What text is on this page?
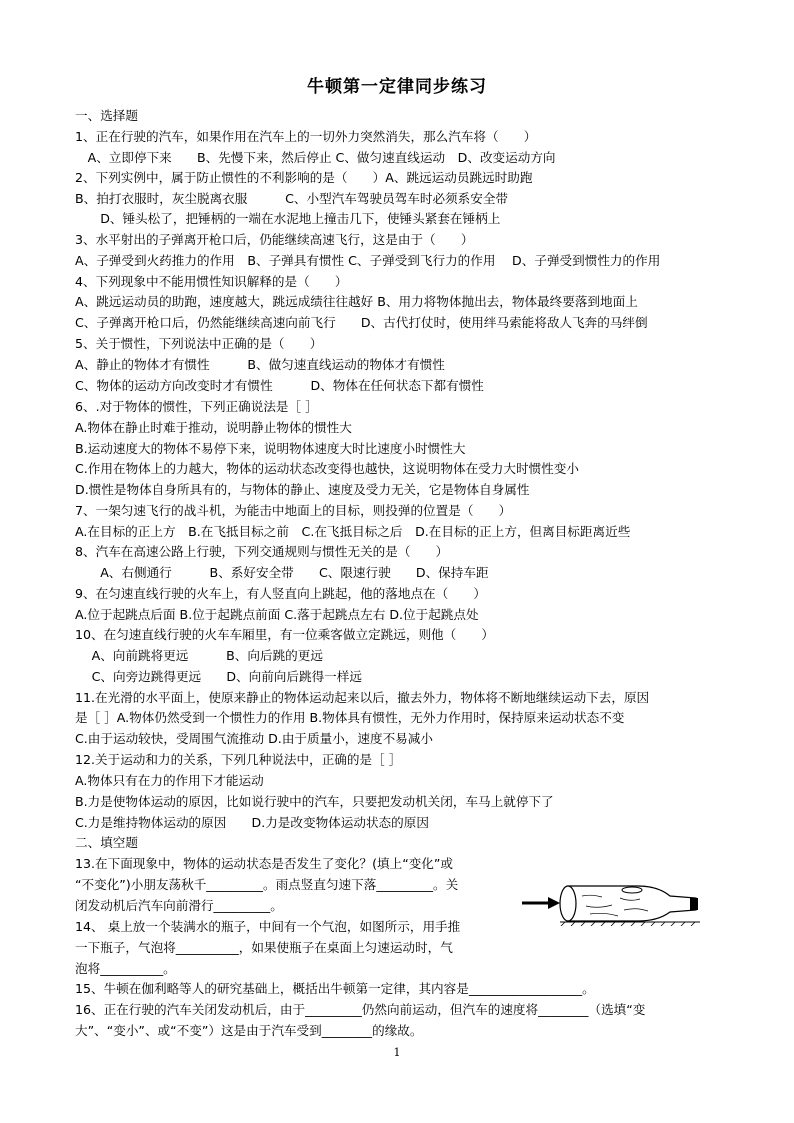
牛顿第一定律同步练习
一、选择题
1、正在行驶的汽车，如果作用在汽车上的一切外力突然消失，那么汽车将（　　）
　A、立即停下来　　B、先慢下来，然后停止 C、做匀速直线运动　D、改变运动方向
2、下列实例中，属于防止惯性的不利影响的是（　　）A、跳远运动员跳远时助跑
B、拍打衣服时，灰尘脱离衣服　　　C、小型汽车驾驶员驾车时必须系安全带
　　D、锤头松了，把锤柄的一端在水泥地上撞击几下，使锤头紧套在锤柄上
3、水平射出的子弹离开枪口后，仍能继续高速飞行，这是由于（　　）
A、子弹受到火药推力的作用　B、子弹具有惯性 C、子弹受到飞行力的作用　 D、子弹受到惯性力的作用
4、下列现象中不能用惯性知识解释的是（　　）
A、跳远运动员的助跑，速度越大，跳远成绩往往越好 B、用力将物体抛出去，物体最终要落到地面上
C、子弹离开枪口后，仍然能继续高速向前飞行　　D、古代打仗时，使用绊马索能将敌人飞奔的马绊倒
5、关于惯性，下列说法中正确的是（　　）
A、静止的物体才有惯性　　　B、做匀速直线运动的物体才有惯性
C、物体的运动方向改变时才有惯性　　　D、物体在任何状态下都有惯性
6、.对于物体的惯性，下列正确说法是［ ］
A.物体在静止时难于推动，说明静止物体的惯性大
B.运动速度大的物体不易停下来，说明物体速度大时比速度小时惯性大
C.作用在物体上的力越大，物体的运动状态改变得也越快，这说明物体在受力大时惯性变小
D.惯性是物体自身所具有的，与物体的静止、速度及受力无关，它是物体自身属性
7、一架匀速飞行的战斗机，为能击中地面上的目标，则投弹的位置是（　　）
A.在目标的正上方　B.在飞抵目标之前　C.在飞抵目标之后　D.在目标的正上方，但离目标距离近些
8、汽车在高速公路上行驶，下列交通规则与惯性无关的是（　　）
　　A、右侧通行　　　B、系好安全带　　C、限速行驶　　D、保持车距
9、在匀速直线行驶的火车上，有人竖直向上跳起，他的落地点在（　　）
A.位于起跳点后面 B.位于起跳点前面 C.落于起跳点左右 D.位于起跳点处
10、在匀速直线行驶的火车车厢里，有一位乘客做立定跳远，则他（　　）
　 A、向前跳将更远　　　B、向后跳的更远
　 C、向旁边跳得更远　　D、向前向后跳得一样远
11.在光滑的水平面上，使原来静止的物体运动起来以后，撤去外力，物体将不断地继续运动下去，原因
是［ ］A.物体仍然受到一个惯性力的作用 B.物体具有惯性，无外力作用时，保持原来运动状态不变
C.由于运动较快，受周围气流推动 D.由于质量小，速度不易减小
12.关于运动和力的关系，下列几种说法中，正确的是［ ］
A.物体只有在力的作用下才能运动
B.力是使物体运动的原因，比如说行驶中的汽车，只要把发动机关闭，车马上就停下了
C.力是维持物体运动的原因　　D.力是改变物体运动状态的原因
二、填空题
13.在下面现象中，物体的运动状态是否发生了变化？(填上“变化”或
“不变化”)小朋友荡秋千_________。雨点竖直匀速下落_________。关
闭发动机后汽车向前滑行_________。
14、 桌上放一个装满水的瓶子，中间有一个气泡，如图所示，用手推
一下瓶子，气泡将__________，如果使瓶子在桌面上匀速运动时，气
泡将__________。
15、牛顿在伽利略等人的研究基础上，概括出牛顿第一定律，其内容是__________________。
16、正在行驶的汽车关闭发动机后，由于_________仍然向前运动，但汽车的速度将________（选填“变
大”、“变小”、或“不变”）这是由于汽车受到________的缘故。
1
